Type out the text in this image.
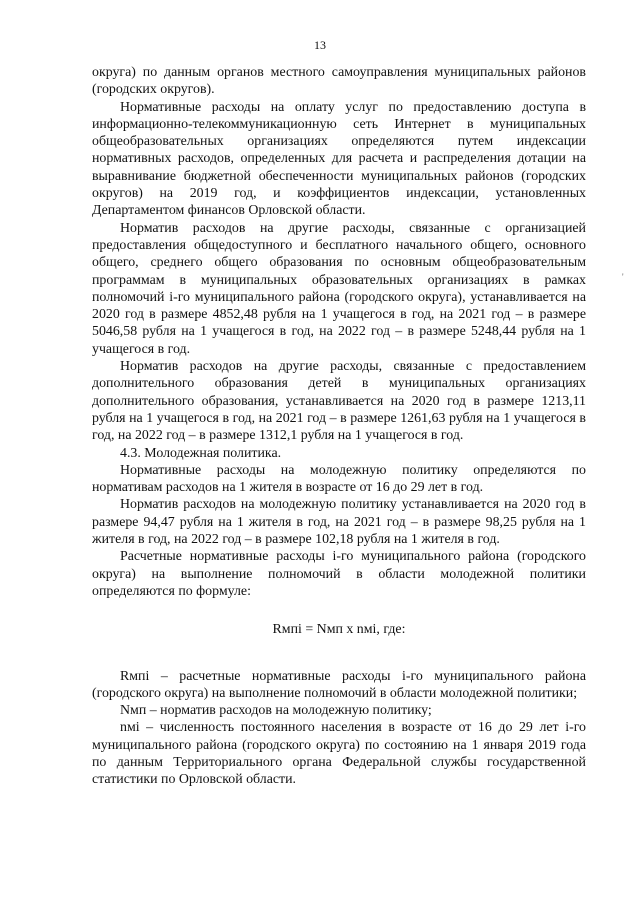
13
'

округа) по данным органов местного самоуправления муниципальных районов (городских округов).

Нормативные расходы на оплату услуг по предоставлению доступа в информационно-телекоммуникационную сеть Интернет в муниципальных общеобразовательных организациях определяются путем индексации нормативных расходов, определенных для расчета и распределения дотации на выравнивание бюджетной обеспеченности муниципальных районов (городских округов) на 2019 год, и коэффициентов индексации, установленных Департаментом финансов Орловской области.

Норматив расходов на другие расходы, связанные с организацией предоставления общедоступного и бесплатного начального общего, основного общего, среднего общего образования по основным общеобразовательным программам в муниципальных образовательных организациях в рамках полномочий i-го муниципального района (городского округа), устанавливается на 2020 год в размере 4852,48 рубля на 1 учащегося в год, на 2021 год – в размере 5046,58 рубля на 1 учащегося в год, на 2022 год – в размере 5248,44 рубля на 1 учащегося в год.

Норматив расходов на другие расходы, связанные с предоставлением дополнительного образования детей в муниципальных организациях дополнительного образования, устанавливается на 2020 год в размере 1213,11 рубля на 1 учащегося в год, на 2021 год – в размере 1261,63 рубля на 1 учащегося в год, на 2022 год – в размере 1312,1 рубля на 1 учащегося в год.

4.3. Молодежная политика.

Нормативные расходы на молодежную политику определяются по нормативам расходов на 1 жителя в возрасте от 16 до 29 лет в год.

Норматив расходов на молодежную политику устанавливается на 2020 год в размере 94,47 рубля на 1 жителя в год, на 2021 год – в размере 98,25 рубля на 1 жителя в год, на 2022 год – в размере 102,18 рубля на 1 жителя в год.

Расчетные нормативные расходы i-го муниципального района (городского округа) на выполнение полномочий в области молодежной политики определяются по формуле:

Rмпi = Nмп x nмi, где:

Rмпi – расчетные нормативные расходы i-го муниципального района (городского округа) на выполнение полномочий в области молодежной политики;

Nмп – норматив расходов на молодежную политику;

nмi – численность постоянного населения в возрасте от 16 до 29 лет i-го муниципального района (городского округа) по состоянию на 1 января 2019 года по данным Территориального органа Федеральной службы государственной статистики по Орловской области.
